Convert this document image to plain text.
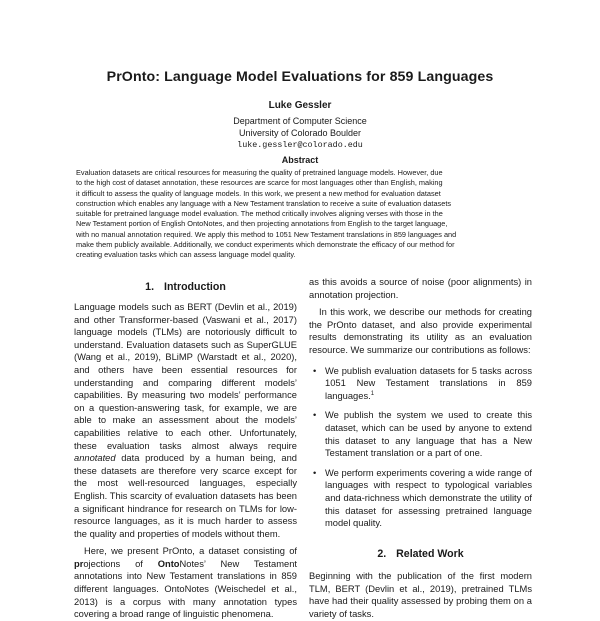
PrOnto: Language Model Evaluations for 859 Languages
Luke Gessler
Department of Computer Science
University of Colorado Boulder
luke.gessler@colorado.edu
Abstract

Evaluation datasets are critical resources for measuring the quality of pretrained language models. However, due

to the high cost of dataset annotation, these resources are scarce for most languages other than English, making

it difficult to assess the quality of language models. In this work, we present a new method for evaluation dataset

construction which enables any language with a New Testament translation to receive a suite of evaluation datasets

suitable for pretrained language model evaluation. The method critically involves aligning verses with those in the

New Testament portion of English OntoNotes, and then projecting annotations from English to the target language,

with no manual annotation required. We apply this method to 1051 New Testament translations in 859 languages and

make them publicly available. Additionally, we conduct experiments which demonstrate the efficacy of our method for

creating evaluation tasks which can assess language model quality.

1. Introduction

Language models such as BERT (Devlin et al., 2019) and other Transformer-based (Vaswani et al., 2017) language models (TLMs) are notoriously difficult to understand. Evaluation datasets such as SuperGLUE (Wang et al., 2019), BLiMP (Warstadt et al., 2020), and others have been essential resources for understanding and comparing different models’ capabilities. By measuring two models’ performance on a question-answering task, for example, we are able to make an assessment about the models’ capabilities relative to each other. Unfortunately, these evaluation tasks almost always require annotated data produced by a human being, and these datasets are therefore very scarce except for the most well-resourced languages, especially English. This scarcity of evaluation datasets has been a significant hindrance for research on TLMs for low-resource languages, as it is much harder to assess the quality and properties of models without them.

Here, we present PrOnto, a dataset consisting of projections of OntoNotes’ New Testament annotations into New Testament translations in 859 different languages. OntoNotes (Weischedel et al., 2013) is a corpus with many annotation types covering a broad range of linguistic phenomena.

as this avoids a source of noise (poor alignments) in annotation projection.

In this work, we describe our methods for creating the PrOnto dataset, and also provide experimental results demonstrating its utility as an evaluation resource. We summarize our contributions as follows:

• We publish evaluation datasets for 5 tasks across 1051 New Testament translations in 859 languages.$^1$
• We publish the system we used to create this dataset, which can be used by anyone to extend this dataset to any language that has a New Testament translation or a part of one.
• We perform experiments covering a wide range of languages with respect to typological variables and data-richness which demonstrate the utility of this dataset for assessing pretrained language model quality.
2. Related Work
Beginning with the publication of the first modern TLM, BERT (Devlin et al., 2019), pretrained TLMs have had their quality assessed by probing them on a variety of tasks.
